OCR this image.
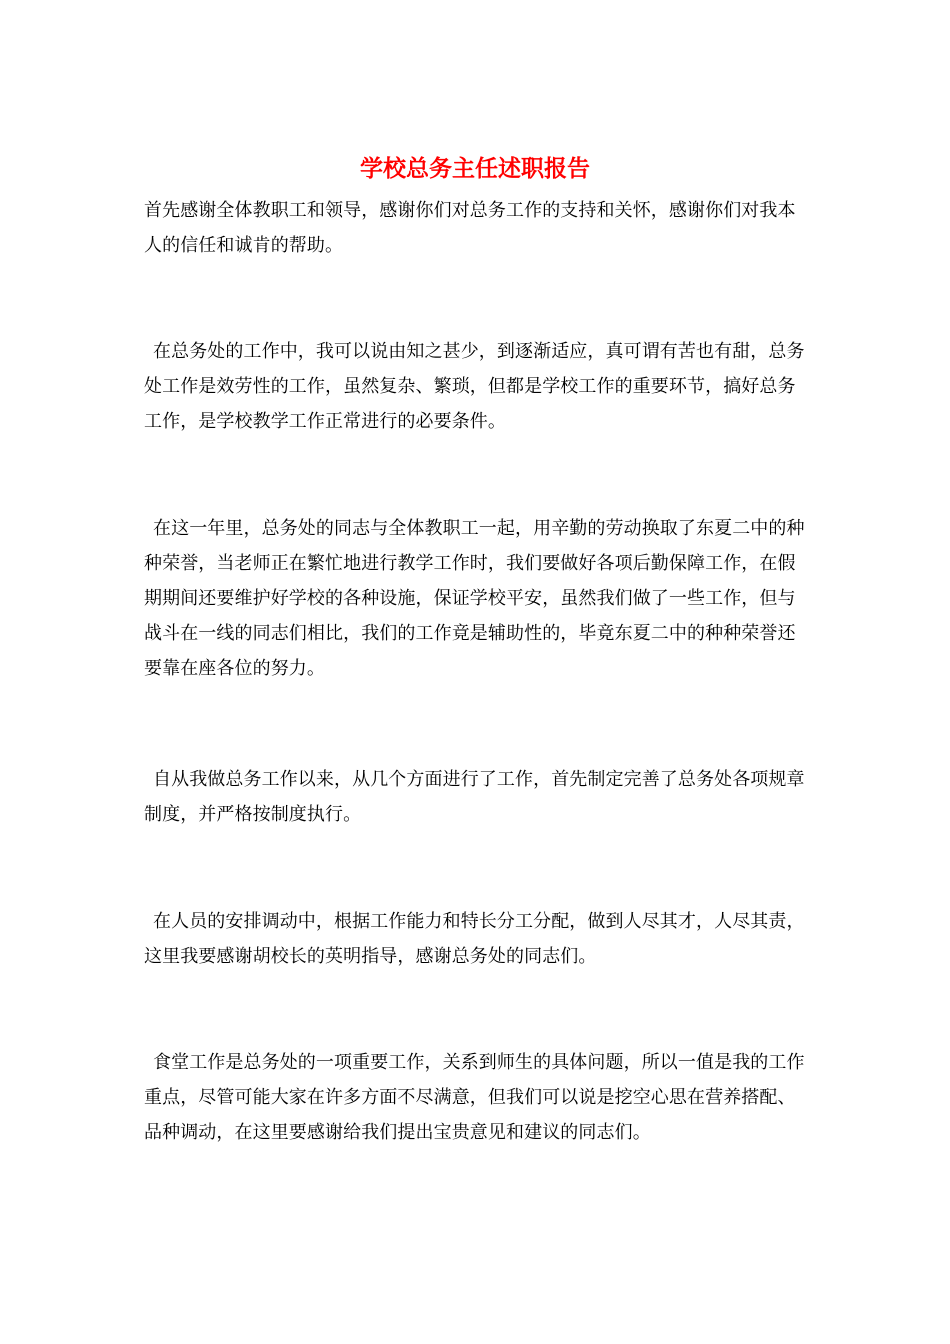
学校总务主任述职报告

首先感谢全体教职工和领导，感谢你们对总务工作的支持和关怀，感谢你们对我本人的信任和诚肯的帮助。

在总务处的工作中，我可以说由知之甚少，到逐渐适应，真可谓有苦也有甜，总务处工作是效劳性的工作，虽然复杂、繁琐，但都是学校工作的重要环节，搞好总务工作，是学校教学工作正常进行的必要条件。

在这一年里，总务处的同志与全体教职工一起，用辛勤的劳动换取了东夏二中的种种荣誉，当老师正在繁忙地进行教学工作时，我们要做好各项后勤保障工作，在假期期间还要维护好学校的各种设施，保证学校平安，虽然我们做了一些工作，但与战斗在一线的同志们相比，我们的工作竟是辅助性的，毕竟东夏二中的种种荣誉还要靠在座各位的努力。

自从我做总务工作以来，从几个方面进行了工作，首先制定完善了总务处各项规章制度，并严格按制度执行。

在人员的安排调动中，根据工作能力和特长分工分配，做到人尽其才，人尽其责，这里我要感谢胡校长的英明指导，感谢总务处的同志们。

食堂工作是总务处的一项重要工作，关系到师生的具体问题，所以一值是我的工作重点，尽管可能大家在许多方面不尽满意，但我们可以说是挖空心思在营养搭配、品种调动，在这里要感谢给我们提出宝贵意见和建议的同志们。
